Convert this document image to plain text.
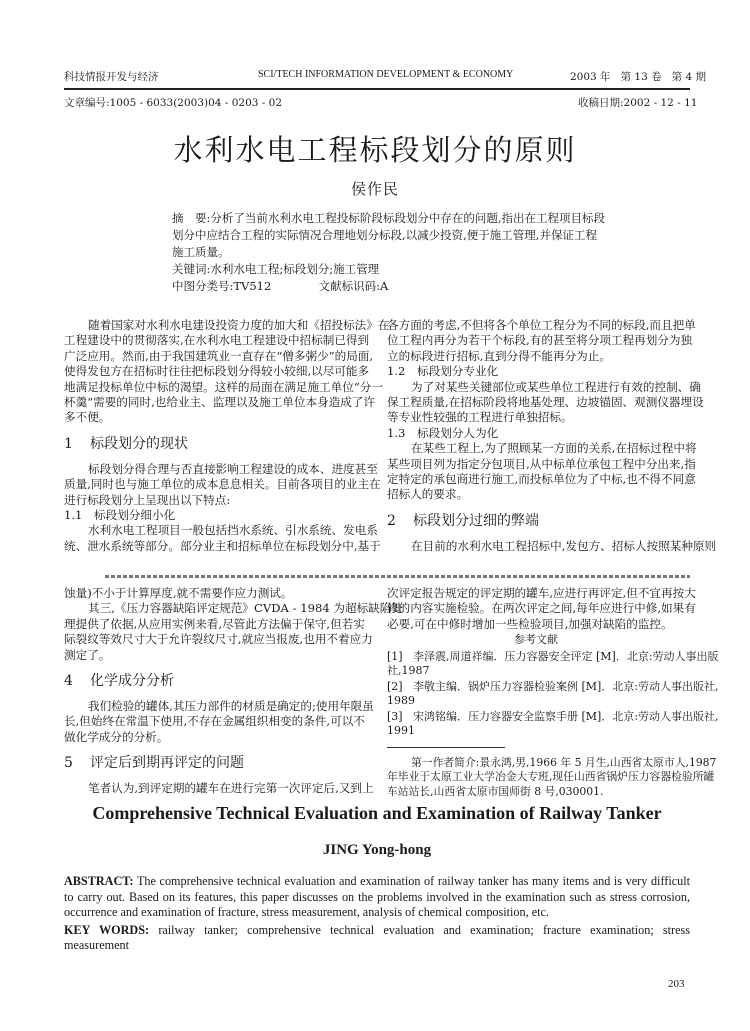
科技情报开发与经济	SCI/TECH INFORMATION DEVELOPMENT & ECONOMY	2003 年   第 13 卷   第 4 期
文章编号:1005 - 6033(2003)04 - 0203 - 02	收稿日期:2002 - 12 - 11
水利水电工程标段划分的原则
侯作民
摘　要:分析了当前水利水电工程投标阶段标段划分中存在的问题,指出在工程项目标段
划分中应结合工程的实际情况合理地划分标段,以减少投资,便于施工管理,并保证工程
施工质量。
关键词:水利水电工程;标段划分;施工管理
中图分类号:TV512	文献标识码:A
随着国家对水利水电建设投资力度的加大和《招投标法》在
工程建设中的贯彻落实,在水利水电工程建设中招标制已得到
广泛应用。然而,由于我国建筑业一直存在“僧多粥少”的局面,
使得发包方在招标时往往把标段划分得较小较细,以尽可能多
地满足投标单位中标的渴望。这样的局面在满足施工单位“分一
杯羹”需要的同时,也给业主、监理以及施工单位本身造成了许
多不便。
1 标段划分的现状
标段划分得合理与否直接影响工程建设的成本、进度甚至
质量,同时也与施工单位的成本息息相关。目前各项目的业主在
进行标段划分上呈现出以下特点:
1.1 标段划分细小化
水利水电工程项目一般包括挡水系统、引水系统、发电系
统、泄水系统等部分。部分业主和招标单位在标段划分中,基于
各方面的考虑,不但将各个单位工程分为不同的标段,而且把单
位工程内再分为若干个标段,有的甚至将分项工程再划分为独
立的标段进行招标,直到分得不能再分为止。
1.2 标段划分专业化
为了对某些关键部位或某些单位工程进行有效的控制、确
保工程质量,在招标阶段将地基处理、边坡锚固、观测仪器埋设
等专业性较强的工程进行单独招标。
1.3 标段划分人为化
在某些工程上,为了照顾某一方面的关系,在招标过程中将
某些项目列为指定分包项目,从中标单位承包工程中分出来,指
定特定的承包商进行施工,而投标单位为了中标,也不得不同意
招标人的要求。
2 标段划分过细的弊端
在目前的水利水电工程招标中,发包方、招标人按照某种原则
蚀量)不小于计算厚度,就不需要作应力测试。
其三,《压力容器缺陷评定规范》CVDA - 1984 为超标缺陷处
理提供了依据,从应用实例来看,尽管此方法偏于保守,但若实
际裂纹等效尺寸大于允许裂纹尺寸,就应当报废,也用不着应力
测定了。
4 化学成分分析
我们检验的罐体,其压力部件的材质是确定的;使用年限虽
长,但始终在常温下使用,不存在金属组织相变的条件,可以不
做化学成分的分析。
5 评定后到期再评定的问题
笔者认为,到评定期的罐车在进行完第一次评定后,又到上
次评定报告规定的评定期的罐车,应进行再评定,但不宜再按大
修的内容实施检验。在两次评定之间,每年应进行中修,如果有
必要,可在中修时增加一些检验项目,加强对缺陷的监控。
参考文献
[1] 李泽震,周道祥编．压力容器安全评定 [M]．北京:劳动人事出版
社,1987
[2] 李敬主编．锅炉压力容器检验案例 [M]．北京:劳动人事出版社,
1989
[3] 宋鸿铭编．压力容器安全监察手册 [M]．北京:劳动人事出版社,
1991
第一作者简介:景永鸿,男,1966 年 5 月生,山西省太原市人,1987
年毕业于太原工业大学冶金大专班,现任山西省锅炉压力容器检验所罐
车站站长,山西省太原市国师街 8 号,030001.
Comprehensive Technical Evaluation and Examination of Railway Tanker
JING Yong-hong
ABSTRACT: The comprehensive technical evaluation and examination of railway tanker has many items and is very difficult to carry out. Based on its features, this paper discusses on the problems involved in the examination such as stress corrosion, occurrence and examination of fracture, stress measurement, analysis of chemical composition, etc.
KEY WORDS: railway tanker; comprehensive technical evaluation and examination; fracture examination; stress measurement
203
